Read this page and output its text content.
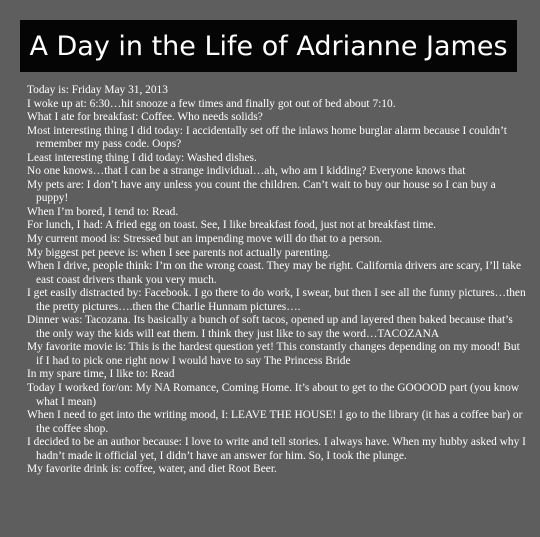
A Day in the Life of Adrianne James
Today is: Friday May 31, 2013
I woke up at: 6:30…hit snooze a few times and finally got out of bed about 7:10.
What I ate for breakfast: Coffee. Who needs solids?
Most interesting thing I did today: I accidentally set off the inlaws home burglar alarm because I couldn’t remember my pass code. Oops?
Least interesting thing I did today: Washed dishes.
No one knows…that I can be a strange individual…ah, who am I kidding? Everyone knows that
My pets are: I don’t have any unless you count the children. Can’t wait to buy our house so I can buy a puppy!
When I’m bored, I tend to: Read.
For lunch, I had: A fried egg on toast. See, I like breakfast food, just not at breakfast time.
My current mood is: Stressed but an impending move will do that to a person.
My biggest pet peeve is: when I see parents not actually parenting.
When I drive, people think: I’m on the wrong coast. They may be right. California drivers are scary, I’ll take east coast drivers thank you very much.
I get easily distracted by: Facebook. I go there to do work, I swear, but then I see all the funny pictures…then the pretty pictures….then the Charlie Hunnam pictures….
Dinner was: Tacozana. Its basically a bunch of soft tacos, opened up and layered then baked because that’s the only way the kids will eat them. I think they just like to say the word…TACOZANA
My favorite movie is: This is the hardest question yet! This constantly changes depending on my mood! But if I had to pick one right now I would have to say The Princess Bride
In my spare time, I like to: Read
Today I worked for/on: My NA Romance, Coming Home. It’s about to get to the GOOOOD part (you know what I mean)
When I need to get into the writing mood, I: LEAVE THE HOUSE! I go to the library (it has a coffee bar) or the coffee shop.
I decided to be an author because: I love to write and tell stories. I always have. When my hubby asked why I hadn’t made it official yet, I didn’t have an answer for him. So, I took the plunge.
My favorite drink is: coffee, water, and diet Root Beer.
